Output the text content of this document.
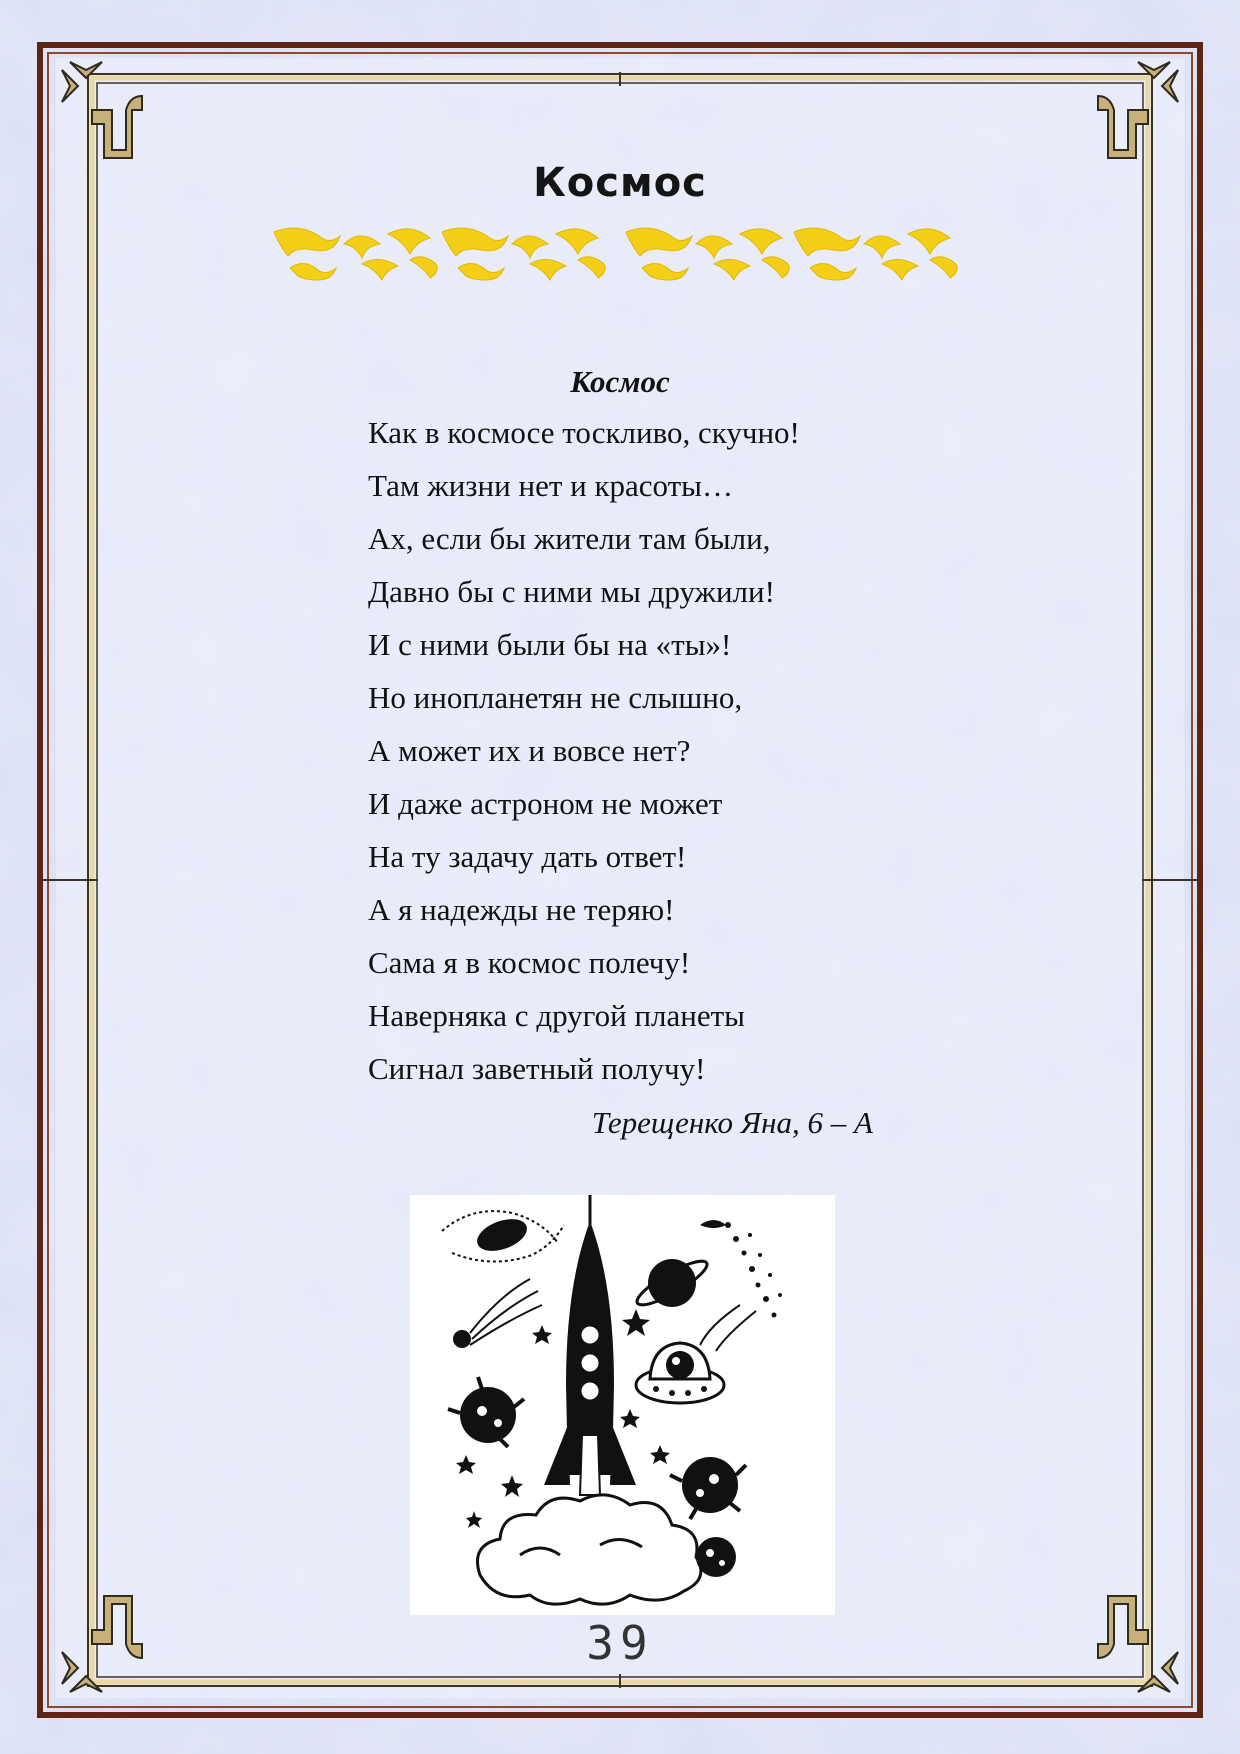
Космос
Космос
Как в космосе тоскливо, скучно!
Там жизни нет и красоты…
Ах, если бы жители там были,
Давно бы с ними мы дружили!
И с ними были бы на «ты»!
Но инопланетян не слышно,
А может их и вовсе нет?
И даже астроном не может
На ту задачу дать ответ!
А я надежды не теряю!
Сама я в космос полечу!
Наверняка с другой планеты
Сигнал заветный получу!
Терещенко Яна, 6 – А
39
